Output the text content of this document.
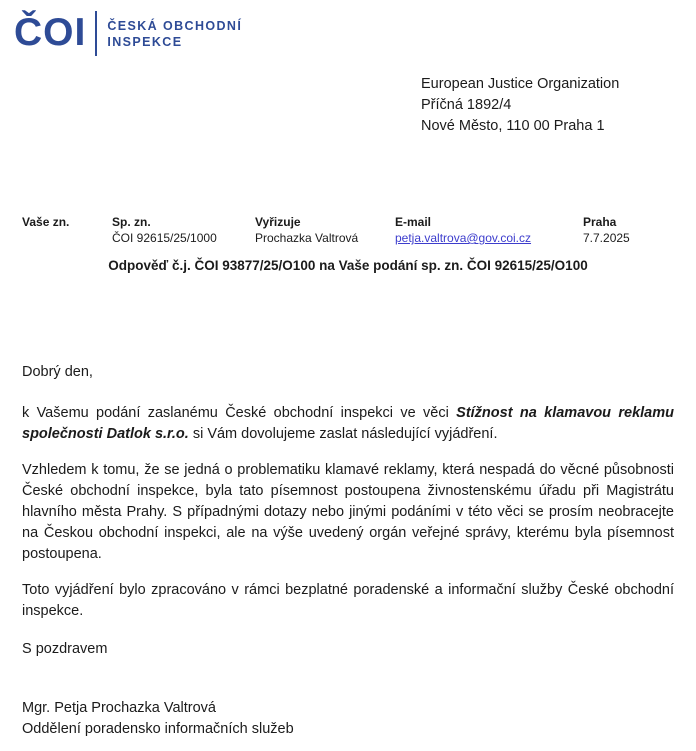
ČOI ČESKÁ OBCHODNÍ
INSPEKCE
European Justice Organization
Příčná 1892/4
Nové Město, 110 00 Praha 1
Vaše zn.	Sp. zn.
ČOI 92615/25/1000
Vyřizuje
Prochazka Valtrová
E-mail
petja.valtrova@gov.coi.cz
Praha
7.7.2025
Odpověď č.j. ČOI 93877/25/O100 na Vaše podání sp. zn. ČOI 92615/25/O100

Dobrý den,

k Vašemu podání zaslanému České obchodní inspekci ve věci Stížnost na klamavou reklamu společnosti Datlok s.r.o. si Vám dovolujeme zaslat následující vyjádření.

Vzhledem k tomu, že se jedná o problematiku klamavé reklamy, která nespadá do věcné působnosti České obchodní inspekce, byla tato písemnost postoupena živnostenskému úřadu při Magistrátu hlavního města Prahy. S případnými dotazy nebo jinými podáními v této věci se prosím neobracejte na Českou obchodní inspekci, ale na výše uvedený orgán veřejné správy, kterému byla písemnost postoupena.

Toto vyjádření bylo zpracováno v rámci bezplatné poradenské a informační služby České obchodní inspekce.

S pozdravem

Mgr. Petja Prochazka Valtrová
Oddělení poradensko informačních služeb
